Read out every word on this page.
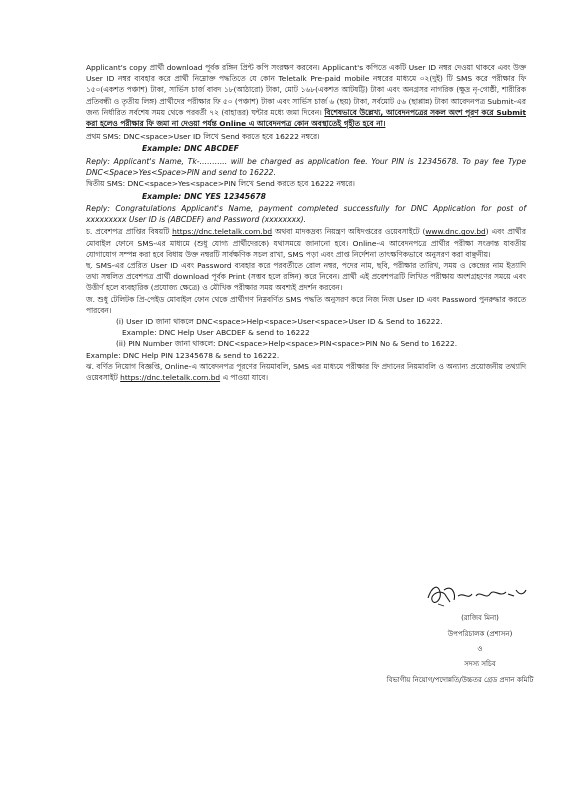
Applicant's copy প্রার্থী download পূর্বক রঙ্গিন প্রিন্ট কপি সংরক্ষণ করবেন। Applicant's কপিতে একটি User ID নম্বর দেওয়া থাকবে এবং উক্ত User ID নম্বর ব্যবহার করে প্রার্থী নিম্নোক্ত পদ্ধতিতে যে কোন Teletalk Pre-paid mobile নম্বরের মাধ্যমে ০২(দুই) টি SMS করে পরীক্ষার ফি ১৫০(একশত পঞ্চাশ) টাকা, সার্ভিস চার্জ বাবদ ১৮(আঠারো) টাকা, মোট ১৬৮(একশত আটষট্টি) টাকা এবং অনগ্রসর নাগরিক (ক্ষুদ্র নৃ-গোষ্ঠী, শারীরিক প্রতিবন্ধী ও তৃতীয় লিঙ্গ) প্রার্থীদের পরীক্ষার ফি ৫০ (পঞ্চাশ) টাকা এবং সার্ভিস চার্জ ৬ (ছয়) টাকা, সর্বমোট ৫৬ (ছাপ্পান্ন) টাকা আবেদনপত্র Submit-এর জন্য নির্ধারিত সর্বশেষ সময় থেকে পরবর্তী ৭২ (বাহাত্তর) ঘন্টার মধ্যে জমা দিবেন। বিশেষভাবে উল্লেখ্য, আবেদনপত্রের সকল অংশ পূরণ করে Submit করা হলেও পরীক্ষার ফি জমা না দেওয়া পর্যন্ত Online এ আবেদনপত্র কোন অবস্থাতেই গৃহীত হবে না।

প্রথম SMS: DNC<space>User ID লিখে Send করতে হবে 16222 নম্বরে।

Example: DNC ABCDEF

Reply: Applicant's Name, Tk-……….. will be charged as application fee. Your PIN is 12345678. To pay fee Type DNC<Space>Yes<Space>PIN and send to 16222.

দ্বিতীয় SMS: DNC<space>Yes<space>PIN লিখে Send করতে হবে 16222 নম্বরে।

Example: DNC YES 12345678

Reply: Congratulations Applicant's Name, payment completed successfully for DNC Application for post of xxxxxxxxx User ID is (ABCDEF) and Password (xxxxxxxx).

চ. প্রবেশপত্র প্রাপ্তির বিষয়টি https://dnc.teletalk.com.bd অথবা মাদকদ্রব্য নিয়ন্ত্রণ অধিদপ্তরের ওয়েবসাইটে (www.dnc.gov.bd) এবং প্রার্থীর মোবাইল ফোনে SMS-এর মাধ্যমে (শুধু যোগ্য প্রার্থীদেরকে) যথাসময়ে জানানো হবে। Online-এ আবেদনপত্রে প্রার্থীর পরীক্ষা সংক্রান্ত যাবতীয় যোগাযোগ সম্পন্ন করা হবে বিধায় উক্ত নম্বরটি সার্বক্ষণিক সচল রাখা, SMS পড়া এবং প্রাপ্ত নির্দেশনা তাৎক্ষণিকভাবে অনুসরণ করা বাঞ্ছনীয়।

ছ. SMS-এর প্রেরিত User ID এবং Password ব্যবহার করে পরবর্তীতে রোল নম্বর, পদের নাম, ছবি, পরীক্ষার তারিখ, সময় ও কেন্দ্রের নাম ইত্যাদি তথ্য সম্বলিত প্রবেশপত্র প্রার্থী download পূর্বক Print (সম্ভব হলে রঙ্গিন) করে নিবেন। প্রার্থী এই প্রবেশপত্রটি লিখিত পরীক্ষায় অংশগ্রহণের সময়ে এবং উত্তীর্ণ হলে ব্যবহারিক (প্রযোজ্য ক্ষেত্রে) ও মৌখিক পরীক্ষার সময় অবশ্যই প্রদর্শন করবেন।

জ. শুধু টেলিটক প্রি-পেইড মোবাইল ফোন থেকে প্রার্থীগণ নিম্নবর্ণিত SMS পদ্ধতি অনুসরণ করে নিজ নিজ User ID এবং Password পুনরুদ্ধার করতে পারবেন।

(i) User ID জানা থাকলে DNC<space>Help<space>User<space>User ID & Send to 16222.

Example: DNC Help User ABCDEF & send to 16222

(ii) PIN Number জানা থাকলে: DNC<space>Help<space>PIN<space>PIN No & Send to 16222.

Example: DNC Help PIN 12345678 & send to 16222.

ঝ. বর্ণিত নিয়োগ বিজ্ঞপ্তি, Online-এ আবেদনপত্র পূরণের নিয়মাবলি, SMS এর মাধ্যমে পরীক্ষার ফি প্রদানের নিয়মাবলি ও অন্যান্য প্রয়োজনীয় তথ্যাদি ওয়েবসাইট https://dnc.teletalk.com.bd এ পাওয়া যাবে।

(রাজিব মিনা)

উপপরিচালক (প্রশাসন)

ও

সদস্য সচিব

বিভাগীয় নিয়োগ/পদোন্নতি/উচ্চতর গ্রেড প্রদান কমিটি
